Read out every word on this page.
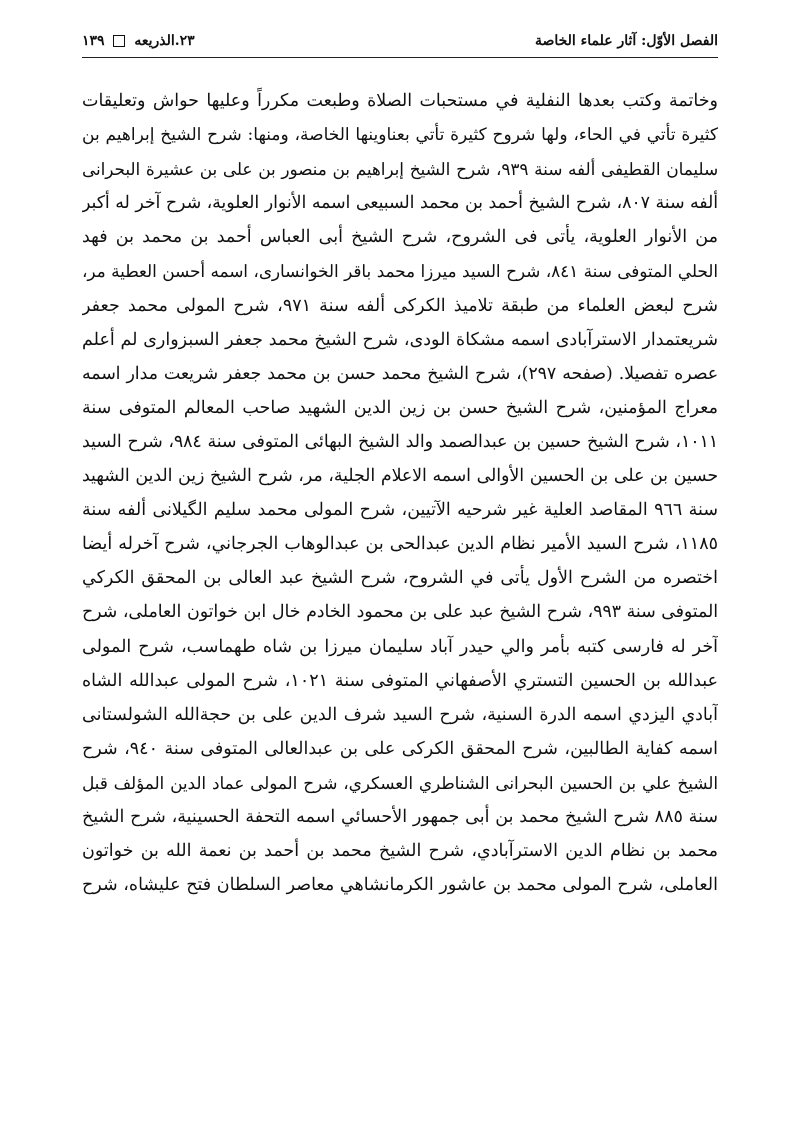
الفصل الأوّل: آثار علماء الخاصة
٢٣.الذريعه  ١٣٩
وخاتمة وكتب بعدها النفلية في مستحبات الصلاة وطبعت مكرراً وعليها حواش وتعليقات
كثيرة تأتي في الحاء، ولها شروح كثيرة تأتي بعناوينها الخاصة، ومنها: شرح الشيخ إبراهيم بن
سليمان القطيفى ألفه سنة ٩٣٩، شرح الشيخ إبراهيم بن منصور بن على بن عشيرة البحرانى
ألفه سنة ٨٠٧، شرح الشيخ أحمد بن محمد السبيعى اسمه الأنوار العلوية، شرح آخر له أكبر
من الأنوار العلوية، يأتى فى الشروح، شرح الشيخ أبى العباس أحمد بن محمد بن فهد
الحلي المتوفى سنة ٨٤١، شرح السيد ميرزا محمد باقر الخوانسارى، اسمه أحسن العطية مر،
شرح لبعض العلماء من طبقة تلاميذ الكركى ألفه سنة ٩٧١، شرح المولى محمد جعفر
شريعتمدار الاسترآبادى اسمه مشكاة الودى، شرح الشيخ محمد جعفر السبزوارى لم أعلم
عصره تفصيلا. (صفحه ٢٩٧)، شرح الشيخ محمد حسن بن محمد جعفر شريعت مدار اسمه
معراج المؤمنين، شرح الشيخ حسن بن زين الدين الشهيد صاحب المعالم المتوفى سنة
١٠١١، شرح الشيخ حسين بن عبدالصمد والد الشيخ البهائى المتوفى سنة ٩٨٤، شرح السيد
حسين بن على بن الحسين الأوالى اسمه الاعلام الجلية، مر، شرح الشيخ زين الدين الشهيد
سنة ٩٦٦ المقاصد العلية غير شرحيه الآتيين، شرح المولى محمد سليم الگيلانى ألفه سنة
١١٨٥، شرح السيد الأمير نظام الدين عبدالحى بن عبدالوهاب الجرجاني، شرح آخرله أيضا
اختصره من الشرح الأول يأتى في الشروح، شرح الشيخ عبد العالى بن المحقق الكركي
المتوفى سنة ٩٩٣، شرح الشيخ عبد على بن محمود الخادم خال ابن خواتون العاملى، شرح
آخر له فارسى كتبه بأمر والي حيدر آباد سليمان ميرزا بن شاه طهماسب، شرح المولى
عبدالله بن الحسين التستري الأصفهاني المتوفى سنة ١٠٢١، شرح المولى عبدالله الشاه
آبادي اليزدي اسمه الدرة السنية، شرح السيد شرف الدين على بن حجةالله الشولستانى
اسمه كفاية الطالبين، شرح المحقق الكركى على بن عبدالعالى المتوفى سنة ٩٤٠، شرح
الشيخ علي بن الحسين البحرانى الشناطري العسكري، شرح المولى عماد الدين المؤلف قبل
سنة ٨٨٥ شرح الشيخ محمد بن أبى جمهور الأحسائي اسمه التحفة الحسينية، شرح الشيخ
محمد بن نظام الدين الاسترآبادي، شرح الشيخ محمد بن أحمد بن نعمة الله بن خواتون
العاملى، شرح المولى محمد بن عاشور الكرمانشاهي معاصر السلطان فتح عليشاه، شرح
